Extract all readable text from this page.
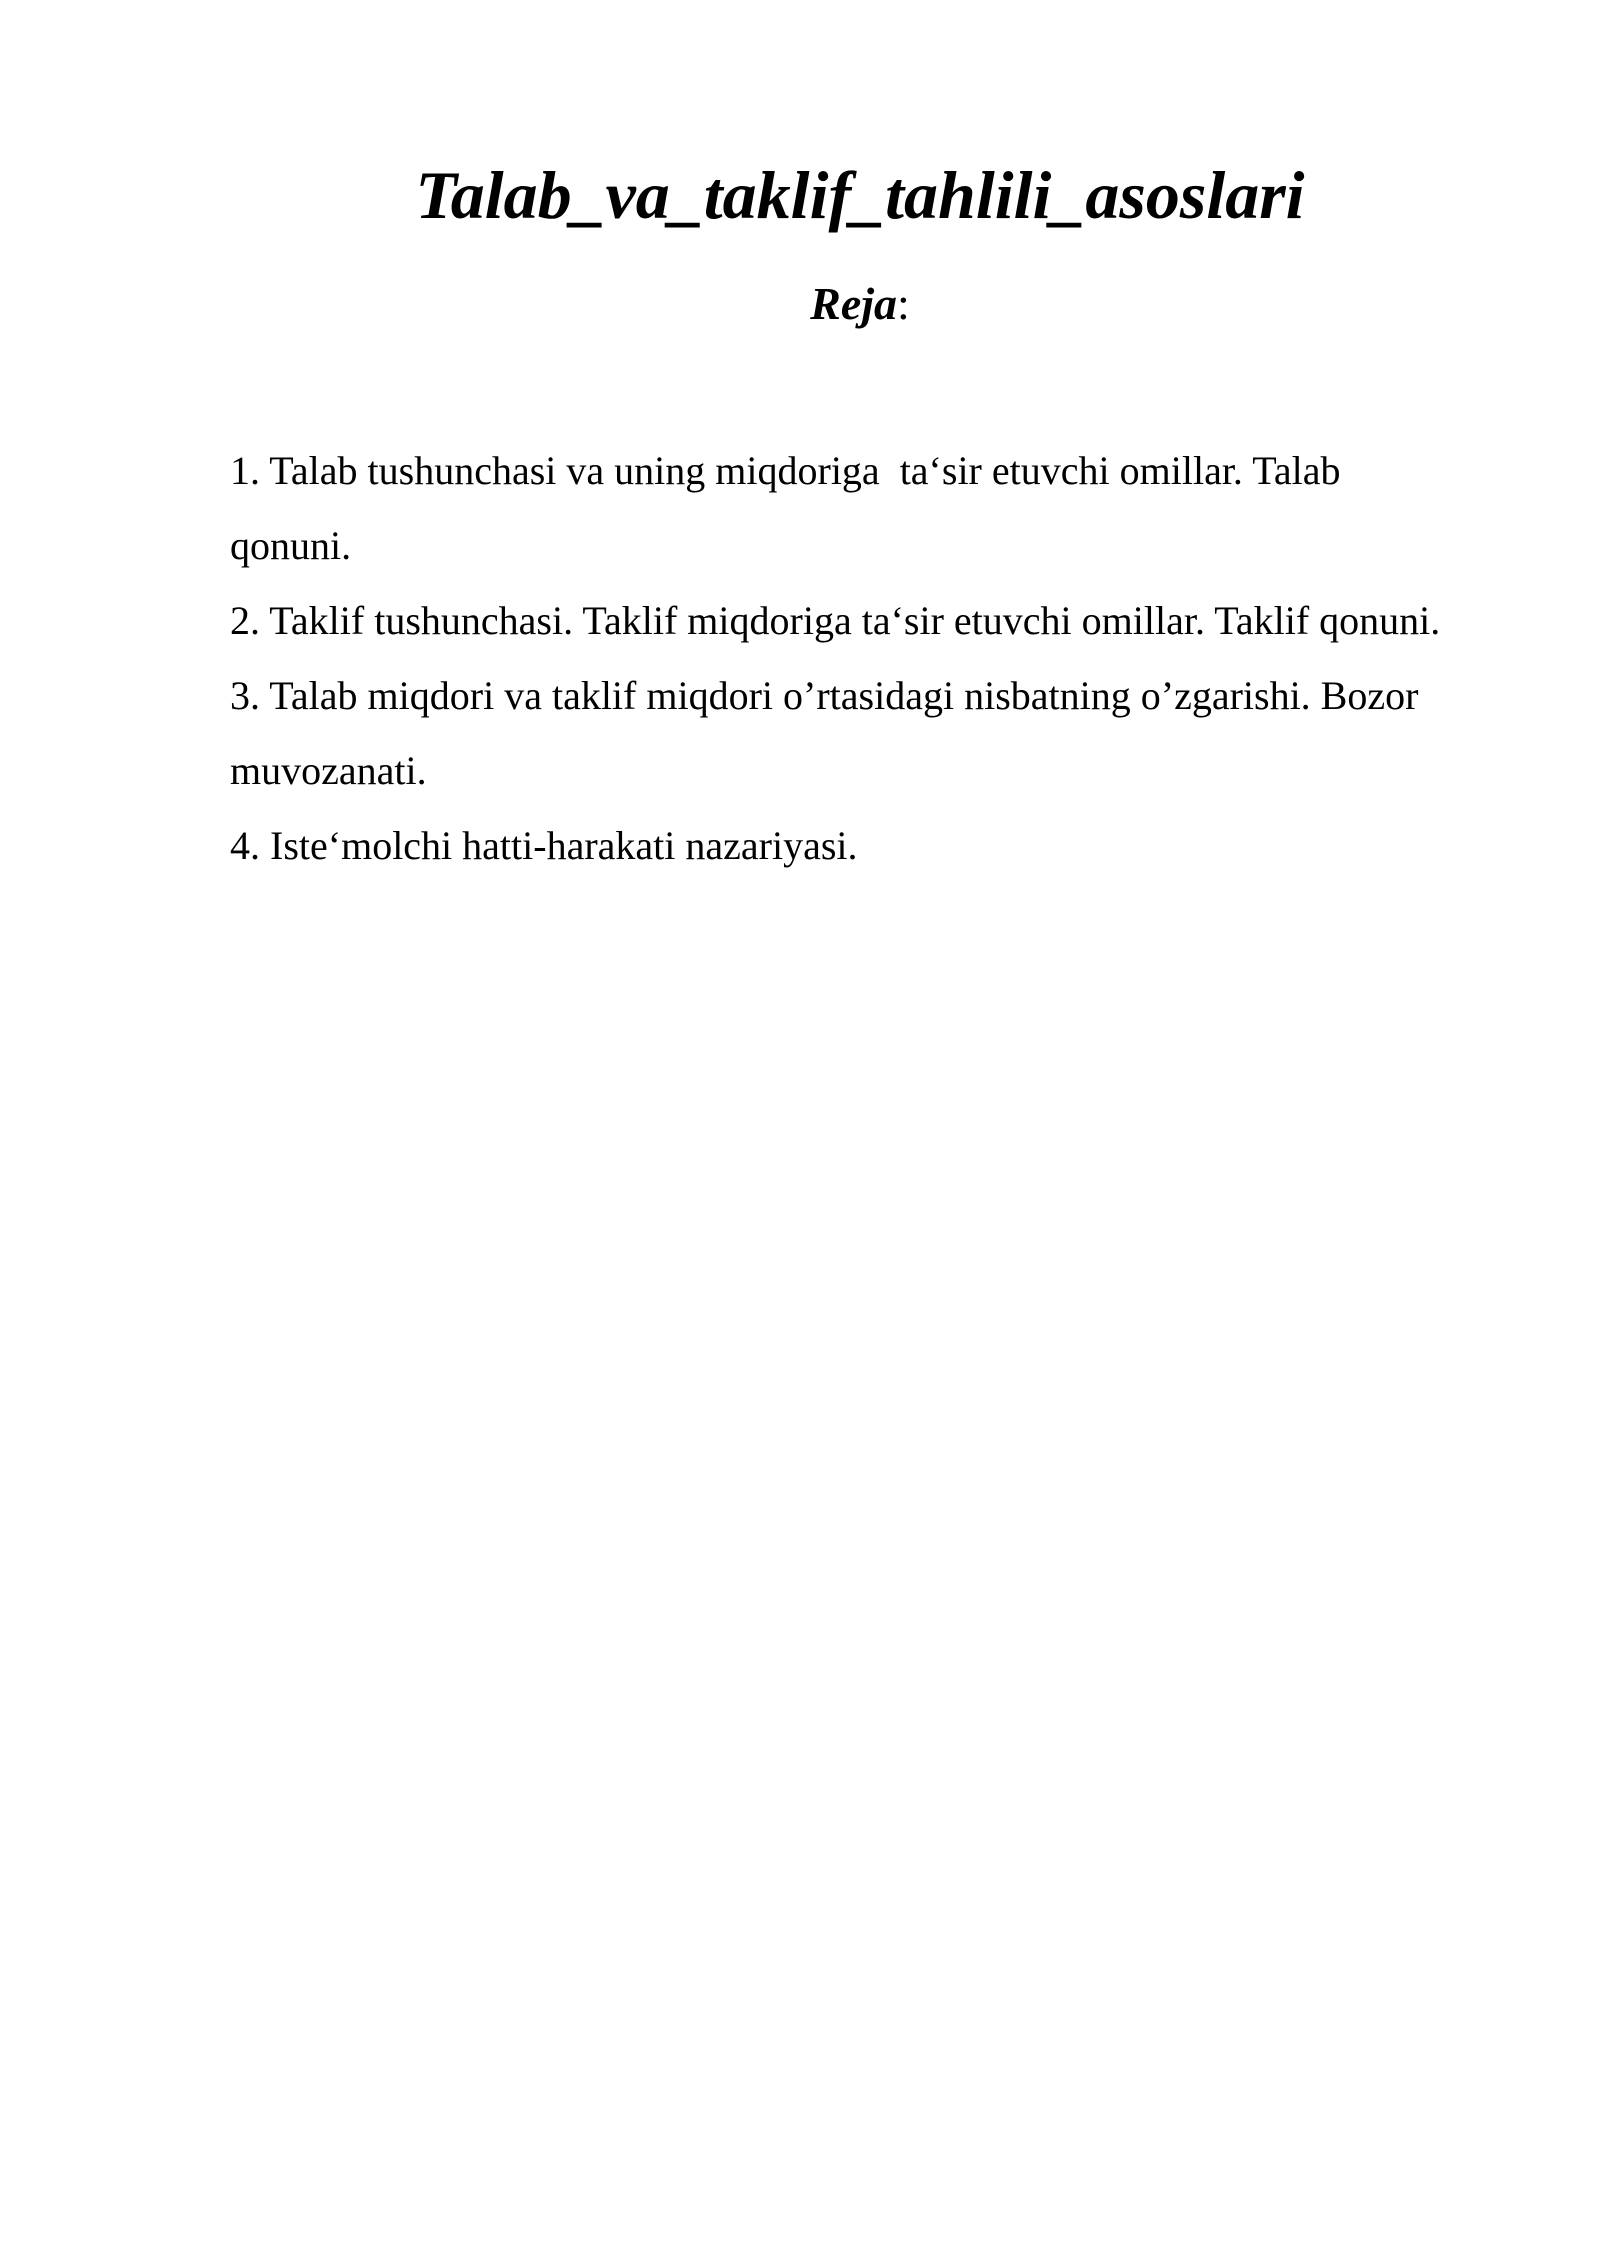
Talab_va_taklif_tahlili_asoslari

Reja:

1. Talab tushunchasi va uning miqdoriga  ta‘sir etuvchi omillar. Talab qonuni.
2. Taklif tushunchasi. Taklif miqdoriga ta‘sir etuvchi omillar. Taklif qonuni.
3. Talab miqdori va taklif miqdori o’rtasidagi nisbatning o’zgarishi. Bozor muvozanati.
4. Iste‘molchi hatti-harakati nazariyasi.
